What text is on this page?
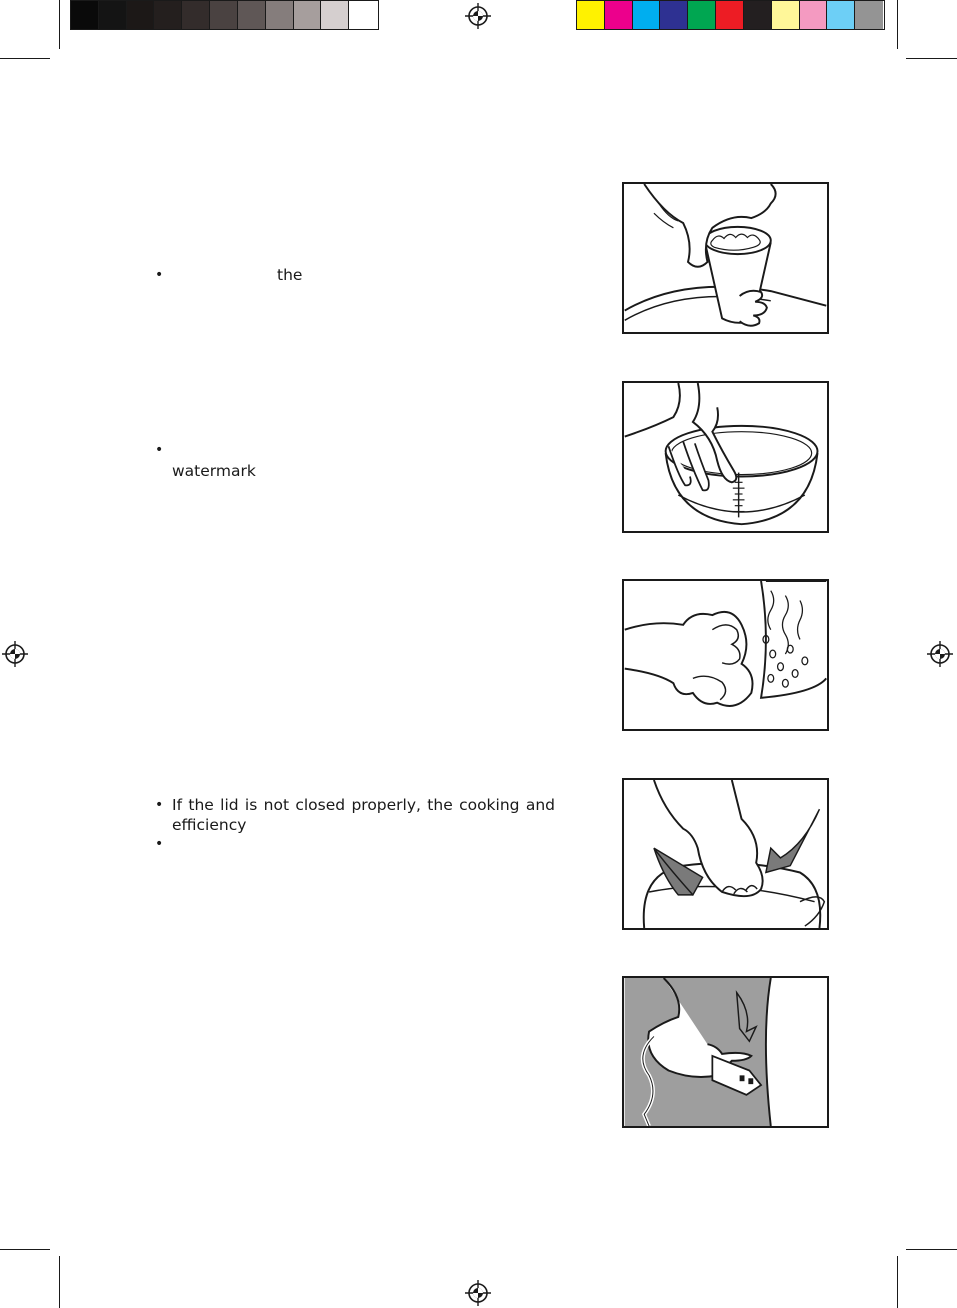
•	the
•
watermark
• If the lid is not closed properly, the cooking and
efficiency
•
